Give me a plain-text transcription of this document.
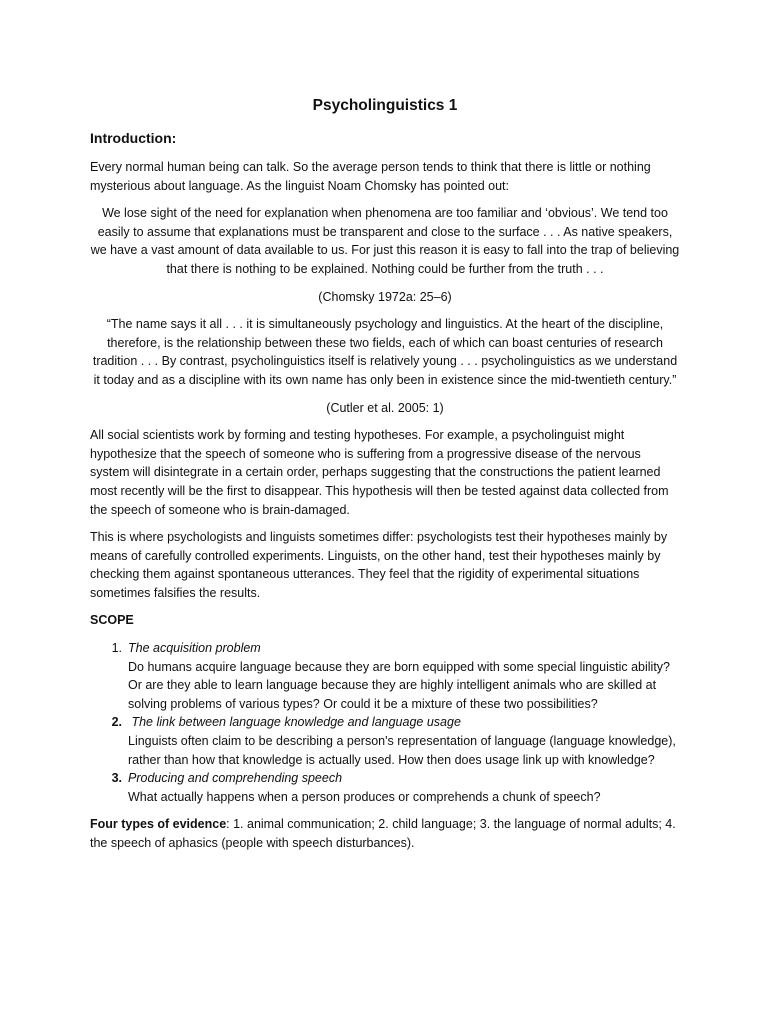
Psycholinguistics 1
Introduction:

Every normal human being can talk. So the average person tends to think that there is little or nothing mysterious about language. As the linguist Noam Chomsky has pointed out:

We lose sight of the need for explanation when phenomena are too familiar and ‘obvious’. We tend too easily to assume that explanations must be transparent and close to the surface . . . As native speakers, we have a vast amount of data available to us. For just this reason it is easy to fall into the trap of believing that there is nothing to be explained. Nothing could be further from the truth . . .

(Chomsky 1972a: 25–6)

“The name says it all . . . it is simultaneously psychology and linguistics. At the heart of the discipline, therefore, is the relationship between these two fields, each of which can boast centuries of research tradition . . . By contrast, psycholinguistics itself is relatively young . . . psycholinguistics as we understand it today and as a discipline with its own name has only been in existence since the mid-twentieth century.”

(Cutler et al. 2005: 1)

All social scientists work by forming and testing hypotheses. For example, a psycholinguist might hypothesize that the speech of someone who is suffering from a progressive disease of the nervous system will disintegrate in a certain order, perhaps suggesting that the constructions the patient learned most recently will be the first to disappear. This hypothesis will then be tested against data collected from the speech of someone who is brain-damaged.

This is where psychologists and linguists sometimes differ: psychologists test their hypotheses mainly by means of carefully controlled experiments. Linguists, on the other hand, test their hypotheses mainly by checking them against spontaneous utterances. They feel that the rigidity of experimental situations sometimes falsifies the results.

SCOPE
1. The acquisition problem
Do humans acquire language because they are born equipped with some special linguistic ability? Or are they able to learn language because they are highly intelligent animals who are skilled at solving problems of various types? Or could it be a mixture of these two possibilities?
2. The link between language knowledge and language usage
Linguists often claim to be describing a person's representation of language (language knowledge), rather than how that knowledge is actually used. How then does usage link up with knowledge?
3. Producing and comprehending speech
What actually happens when a person produces or comprehends a chunk of speech?

Four types of evidence: 1. animal communication; 2. child language; 3. the language of normal adults; 4. the speech of aphasics (people with speech disturbances).
